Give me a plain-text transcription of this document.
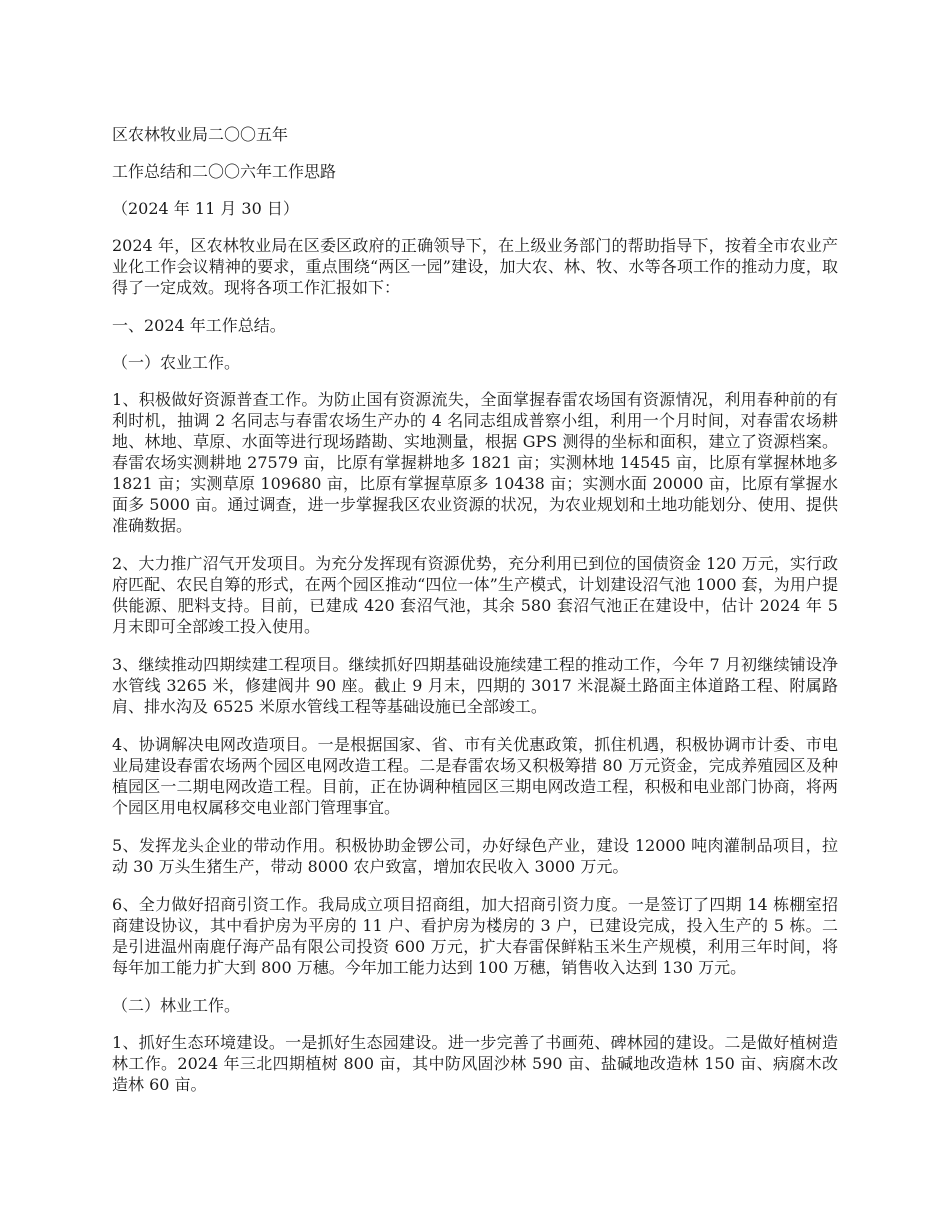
区农林牧业局二〇〇五年

工作总结和二〇〇六年工作思路

（2024 年 11 月 30 日）

2024 年，区农林牧业局在区委区政府的正确领导下，在上级业务部门的帮助指导下，按着全市农业产业化工作会议精神的要求，重点围绕“两区一园”建设，加大农、林、牧、水等各项工作的推动力度，取得了一定成效。现将各项工作汇报如下：

一、2024 年工作总结。

（一）农业工作。

1、积极做好资源普查工作。为防止国有资源流失，全面掌握春雷农场国有资源情况，利用春种前的有利时机，抽调 2 名同志与春雷农场生产办的 4 名同志组成普察小组，利用一个月时间，对春雷农场耕地、林地、草原、水面等进行现场踏勘、实地测量，根据 GPS 测得的坐标和面积，建立了资源档案。春雷农场实测耕地 27579 亩，比原有掌握耕地多 1821 亩；实测林地 14545 亩，比原有掌握林地多 1821 亩；实测草原 109680 亩，比原有掌握草原多 10438 亩；实测水面 20000 亩，比原有掌握水面多 5000 亩。通过调查，进一步掌握我区农业资源的状况，为农业规划和土地功能划分、使用、提供准确数据。

2、大力推广沼气开发项目。为充分发挥现有资源优势，充分利用已到位的国债资金 120 万元，实行政府匹配、农民自筹的形式，在两个园区推动“四位一体”生产模式，计划建设沼气池 1000 套，为用户提供能源、肥料支持。目前，已建成 420 套沼气池，其余 580 套沼气池正在建设中，估计 2024 年 5 月末即可全部竣工投入使用。

3、继续推动四期续建工程项目。继续抓好四期基础设施续建工程的推动工作，今年 7 月初继续铺设净水管线 3265 米，修建阀井 90 座。截止 9 月末，四期的 3017 米混凝土路面主体道路工程、附属路肩、排水沟及 6525 米原水管线工程等基础设施已全部竣工。

4、协调解决电网改造项目。一是根据国家、省、市有关优惠政策，抓住机遇，积极协调市计委、市电业局建设春雷农场两个园区电网改造工程。二是春雷农场又积极筹措 80 万元资金，完成养殖园区及种植园区一二期电网改造工程。目前，正在协调种植园区三期电网改造工程，积极和电业部门协商，将两个园区用电权属移交电业部门管理事宜。

5、发挥龙头企业的带动作用。积极协助金锣公司，办好绿色产业，建设 12000 吨肉灌制品项目，拉动 30 万头生猪生产，带动 8000 农户致富，增加农民收入 3000 万元。

6、全力做好招商引资工作。我局成立项目招商组，加大招商引资力度。一是签订了四期 14 栋棚室招商建设协议，其中看护房为平房的 11 户、看护房为楼房的 3 户，已建设完成，投入生产的 5 栋。二是引进温州南鹿仔海产品有限公司投资 600 万元，扩大春雷保鲜粘玉米生产规模，利用三年时间，将每年加工能力扩大到 800 万穗。今年加工能力达到 100 万穗，销售收入达到 130 万元。

（二）林业工作。

1、抓好生态环境建设。一是抓好生态园建设。进一步完善了书画苑、碑林园的建设。二是做好植树造林工作。2024 年三北四期植树 800 亩，其中防风固沙林 590 亩、盐碱地改造林 150 亩、病腐木改造林 60 亩。
